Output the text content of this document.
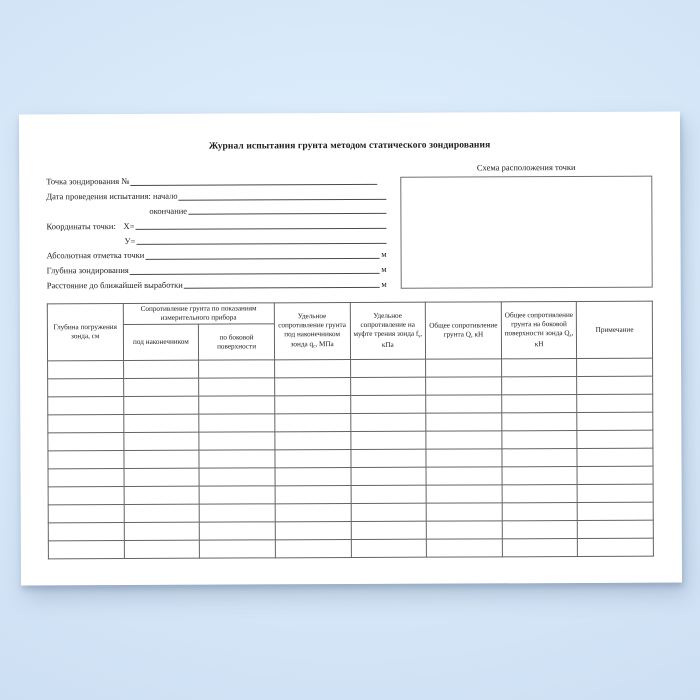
Журнал испытания грунта методом статического зондирования
Точка зондирования №
Дата проведения испытания: начало
окончание
Координаты точки: Х=
У=
Абсолютная отметка точки	м
Глубина зондирования	м
Расстояние до ближайшей выработки	м
Схема расположения точки
Глубина погружения зонда, см	Сопротивление грунта по показаниям измерительного прибора		Удельное сопротивление грунта под наконечником зонда $q_с$, МПа	Удельное сопротивление на муфте трения зонда $f_s$, кПа	Общее сопротивление грунта Q, кН	Общее сопротивление грунта на боковой поверхности зонда $Q_s$, кН	Примечание
	под наконечником	по боковой поверхности					
